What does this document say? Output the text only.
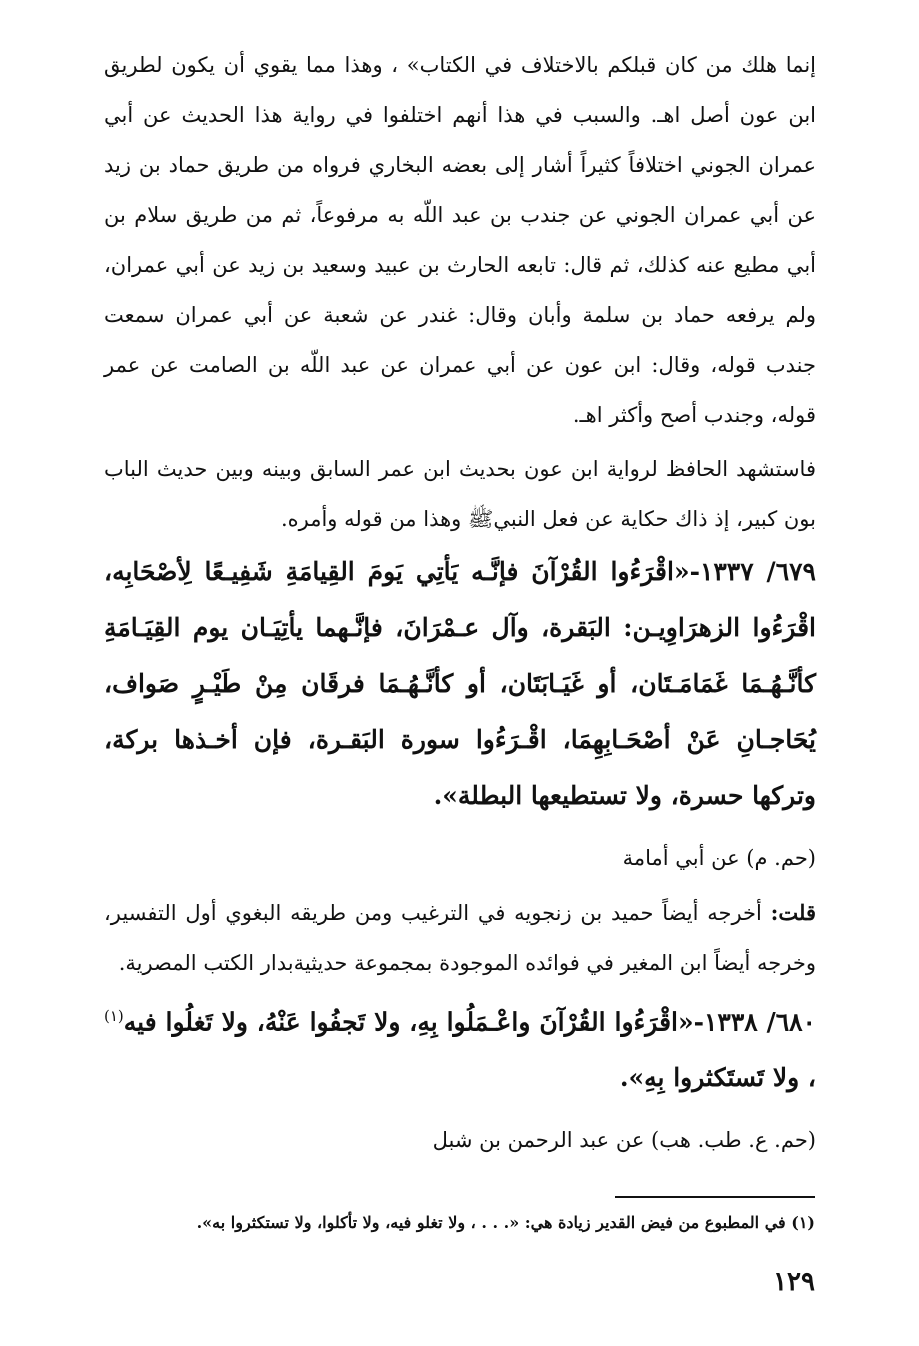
إنما هلك من كان قبلكم بالاختلاف في الكتاب» ، وهذا مما يقوي أن يكون لطريق ابن عون أصل اهـ. والسبب في هذا أنهم اختلفوا في رواية هذا الحديث عن أبي عمران الجوني اختلافاً كثيراً أشار إلى بعضه البخاري فرواه من طريق حماد بن زيد عن أبي عمران الجوني عن جندب بن عبد اللّه به مرفوعاً، ثم من طريق سلام بن أبي مطيع عنه كذلك، ثم قال: تابعه الحارث بن عبيد وسعيد بن زيد عن أبي عمران، ولم يرفعه حماد بن سلمة وأبان وقال: غندر عن شعبة عن أبي عمران سمعت جندب قوله، وقال: ابن عون عن أبي عمران عن عبد اللّه بن الصامت عن عمر قوله، وجندب أصح وأكثر اهـ.

فاستشهد الحافظ لرواية ابن عون بحديث ابن عمر السابق وبينه وبين حديث الباب بون كبير، إذ ذاك حكاية عن فعل النبيﷺ وهذا من قوله وأمره.

٦٧٩/ ١٣٣٧-«اقْرَءُوا القُرْآنَ فإنَّـه يَأتِي يَومَ القِيامَةِ شَفِيـعًا لِأصْحَابِه، اقْرَءُوا الزهرَاوِيـن: البَقرة، وآل عـمْرَانَ، فإنَّـهما يأتِيَـان يوم القِيَـامَةِ كأنَّـهُـمَا غَمَامَـتَان، أو غَيَـابَتَان، أو كأنَّـهُـمَا فرقَان مِنْ طَيْـرٍ صَواف، يُحَاجـانِ عَنْ أصْحَـابِهِمَا، اقْـرَءُوا سورة البَقـرة، فإن أخـذها بركة، وتركها حسرة، ولا تستطيعها البطلة».

(حم. م) عن أبي أمامة

قلت: أخرجه أيضاً حميد بن زنجويه في الترغيب ومن طريقه البغوي أول التفسير، وخرجه أيضاً ابن المغير في فوائده الموجودة بمجموعة حديثيةبدار الكتب المصرية.

٦٨٠/ ١٣٣٨-«اقْرَءُوا القُرْآنَ واعْـمَلُوا بِهِ، ولا تَجفُوا عَنْهُ، ولا تَغلُوا فيه$^{(١)}$ ، ولا تَستَكثروا بِهِ».

(حم. ع. طب. هب) عن عبد الرحمن بن شبل

(١) في المطبوع من فيض القدير زيادة هي: «. . . ، ولا تغلو فيه، ولا تأكلوا، ولا تستكثروا به».
١٢٩
